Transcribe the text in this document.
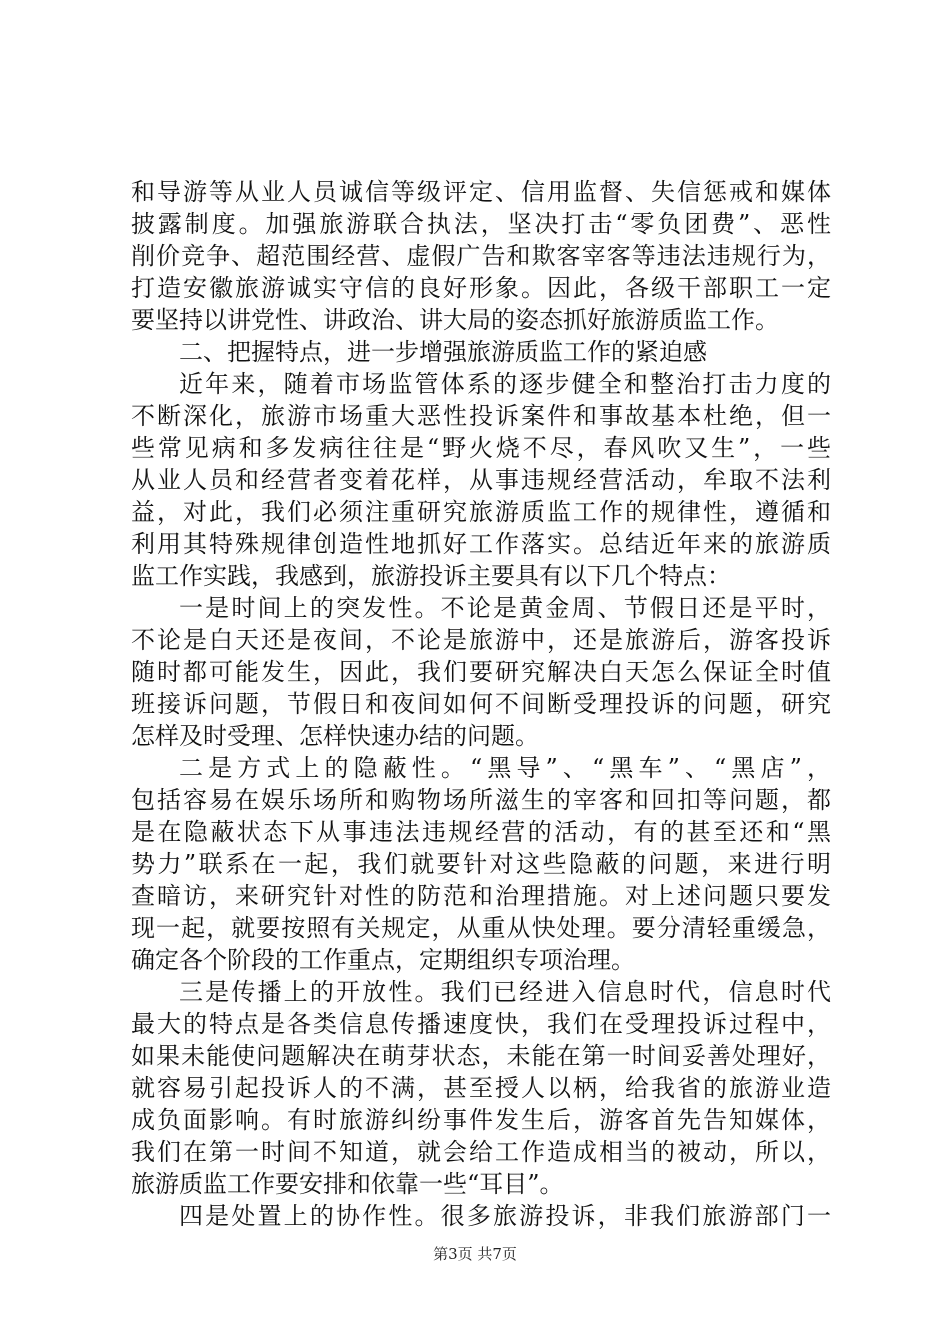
和导游等从业人员诚信等级评定、信用监督、失信惩戒和媒体
披露制度。加强旅游联合执法，坚决打击“零负团费”、恶性
削价竞争、超范围经营、虚假广告和欺客宰客等违法违规行为，
打造安徽旅游诚实守信的良好形象。因此，各级干部职工一定
要坚持以讲党性、讲政治、讲大局的姿态抓好旅游质监工作。
二、把握特点，进一步增强旅游质监工作的紧迫感
近年来，随着市场监管体系的逐步健全和整治打击力度的
不断深化，旅游市场重大恶性投诉案件和事故基本杜绝，但一
些常见病和多发病往往是“野火烧不尽，春风吹又生”，一些
从业人员和经营者变着花样，从事违规经营活动，牟取不法利
益，对此，我们必须注重研究旅游质监工作的规律性，遵循和
利用其特殊规律创造性地抓好工作落实。总结近年来的旅游质
监工作实践，我感到，旅游投诉主要具有以下几个特点：
一是时间上的突发性。不论是黄金周、节假日还是平时，
不论是白天还是夜间，不论是旅游中，还是旅游后，游客投诉
随时都可能发生，因此，我们要研究解决白天怎么保证全时值
班接诉问题，节假日和夜间如何不间断受理投诉的问题，研究
怎样及时受理、怎样快速办结的问题。
二是方式上的隐蔽性。“黑导”、“黑车”、“黑店”，
包括容易在娱乐场所和购物场所滋生的宰客和回扣等问题，都
是在隐蔽状态下从事违法违规经营的活动，有的甚至还和“黑
势力”联系在一起，我们就要针对这些隐蔽的问题，来进行明
查暗访，来研究针对性的防范和治理措施。对上述问题只要发
现一起，就要按照有关规定，从重从快处理。要分清轻重缓急，
确定各个阶段的工作重点，定期组织专项治理。
三是传播上的开放性。我们已经进入信息时代，信息时代
最大的特点是各类信息传播速度快，我们在受理投诉过程中，
如果未能使问题解决在萌芽状态，未能在第一时间妥善处理好，
就容易引起投诉人的不满，甚至授人以柄，给我省的旅游业造
成负面影响。有时旅游纠纷事件发生后，游客首先告知媒体，
我们在第一时间不知道，就会给工作造成相当的被动，所以，
旅游质监工作要安排和依靠一些“耳目”。
四是处置上的协作性。很多旅游投诉，非我们旅游部门一
第3页 共7页
